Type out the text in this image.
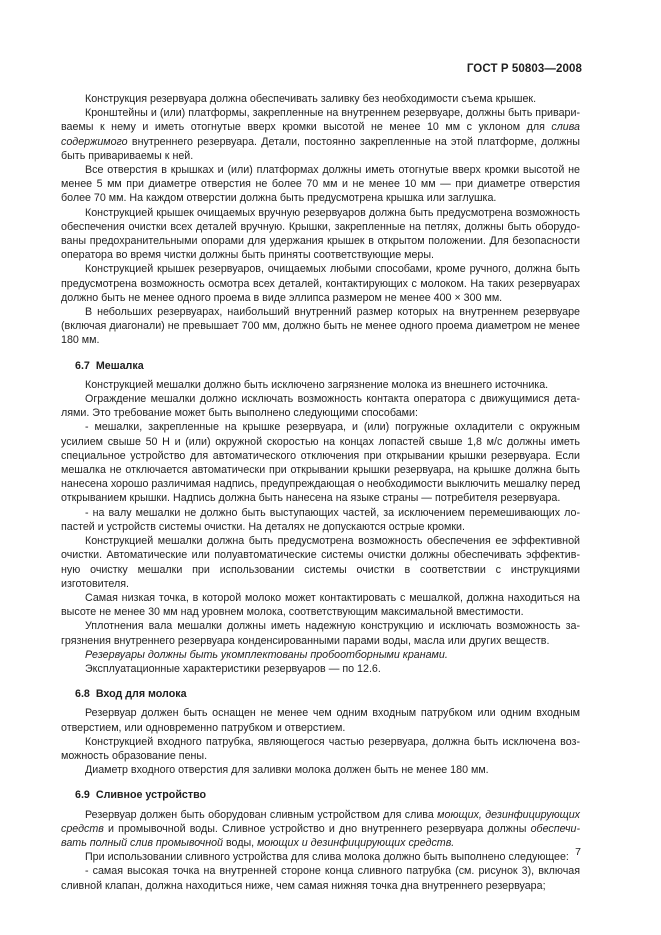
ГОСТ Р 50803—2008

Конструкция резервуара должна обеспечивать заливку без необходимости съема крышек.

Кронштейны и (или) платформы, закрепленные на внутреннем резервуаре, должны быть привариваемы к нему и иметь отогнутые вверх кромки высотой не менее 10 мм с уклоном для слива содержимого внутреннего резервуара. Детали, постоянно закрепленные на этой платформе, должны быть привариваемы к ней.

Все отверстия в крышках и (или) платформах должны иметь отогнутые вверх кромки высотой не менее 5 мм при диаметре отверстия не более 70 мм и не менее 10 мм — при диаметре отверстия более 70 мм. На каждом отверстии должна быть предусмотрена крышка или заглушка.

Конструкцией крышек очищаемых вручную резервуаров должна быть предусмотрена возможность обеспечения очистки всех деталей вручную. Крышки, закрепленные на петлях, должны быть оборудованы предохранительными опорами для удержания крышек в открытом положении. Для безопасности оператора во время чистки должны быть приняты соответствующие меры.

Конструкцией крышек резервуаров, очищаемых любыми способами, кроме ручного, должна быть предусмотрена возможность осмотра всех деталей, контактирующих с молоком. На таких резервуарах должно быть не менее одного проема в виде эллипса размером не менее 400 × 300 мм.

В небольших резервуарах, наибольший внутренний размер которых на внутреннем резервуаре (включая диагонали) не превышает 700 мм, должно быть не менее одного проема диаметром не менее 180 мм.

6.7 Мешалка

Конструкцией мешалки должно быть исключено загрязнение молока из внешнего источника.

Ограждение мешалки должно исключать возможность контакта оператора с движущимися деталями. Это требование может быть выполнено следующими способами:

- мешалки, закрепленные на крышке резервуара, и (или) погружные охладители с окружным усилием свыше 50 Н и (или) окружной скоростью на концах лопастей свыше 1,8 м/с должны иметь специальное устройство для автоматического отключения при открывании крышки резервуара. Если мешалка не отключается автоматически при открывании крышки резервуара, на крышке должна быть нанесена хорошо различимая надпись, предупреждающая о необходимости выключить мешалку перед открыванием крышки. Надпись должна быть нанесена на языке страны — потребителя резервуара.

- на валу мешалки не должно быть выступающих частей, за исключением перемешивающих лопастей и устройств системы очистки. На деталях не допускаются острые кромки.

Конструкцией мешалки должна быть предусмотрена возможность обеспечения ее эффективной очистки. Автоматические или полуавтоматические системы очистки должны обеспечивать эффективную очистку мешалки при использовании системы очистки в соответствии с инструкциями изготовителя.

Самая низкая точка, в которой молоко может контактировать с мешалкой, должна находиться на высоте не менее 30 мм над уровнем молока, соответствующим максимальной вместимости.

Уплотнения вала мешалки должны иметь надежную конструкцию и исключать возможность загрязнения внутреннего резервуара конденсированными парами воды, масла или других веществ.

Резервуары должны быть укомплектованы пробоотборными кранами.

Эксплуатационные характеристики резервуаров — по 12.6.

6.8 Вход для молока

Резервуар должен быть оснащен не менее чем одним входным патрубком или одним входным отверстием, или одновременно патрубком и отверстием.

Конструкцией входного патрубка, являющегося частью резервуара, должна быть исключена возможность образование пены.

Диаметр входного отверстия для заливки молока должен быть не менее 180 мм.

6.9 Сливное устройство

Резервуар должен быть оборудован сливным устройством для слива моющих, дезинфицирующих средств и промывочной воды. Сливное устройство и дно внутреннего резервуара должны обеспечивать полный слив промывочной воды, моющих и дезинфицирующих средств.

При использовании сливного устройства для слива молока должно быть выполнено следующее:

- самая высокая точка на внутренней стороне конца сливного патрубка (см. рисунок 3), включая сливной клапан, должна находиться ниже, чем самая нижняя точка дна внутреннего резервуара;

7
